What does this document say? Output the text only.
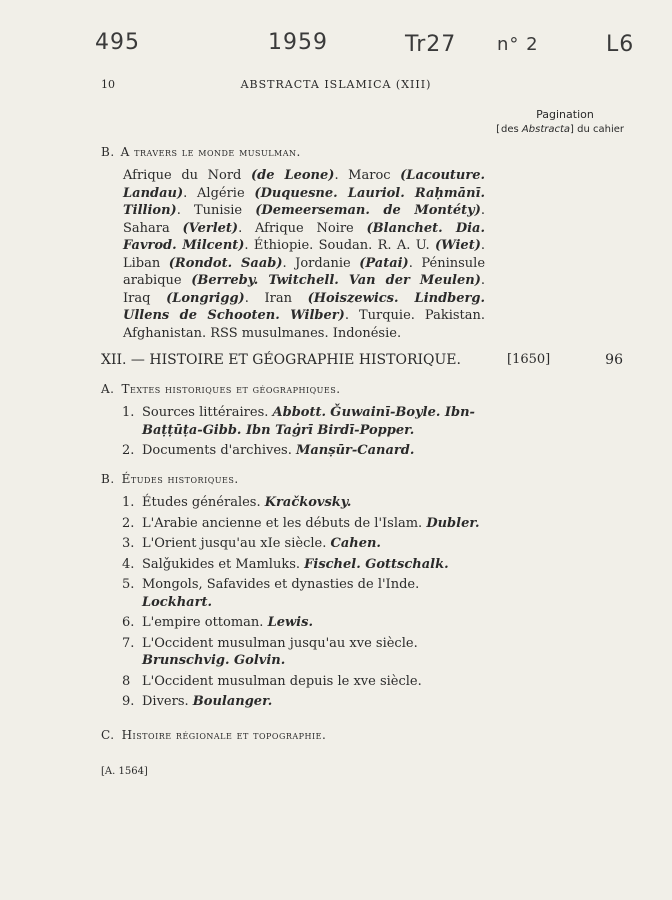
495	1959	Tr27 n° 2	L6
10	ABSTRACTA ISLAMICA (XIII)
Pagination
[des Abstracta] du cahier
B. A travers le monde musulman.
Afrique du Nord (de Leone). Maroc (Lacouture. Landau). Algérie (Duquesne. Lauriol. Raḥmānī. Tillion). Tunisie (Demeerseman. de Montéty). Sahara (Verlet). Afrique Noire (Blanchet. Dia. Favrod. Milcent). Éthiopie. Soudan. R. A. U. (Wiet). Liban (Rondot. Saab). Jordanie (Patai). Péninsule arabique (Berreby. Twitchell. Van der Meulen). Iraq (Longrigg). Iran (Hoiszewics. Lindberg. Ullens de Schooten. Wilber). Turquie. Pakistan. Afghanistan. RSS musulmanes. Indonésie.
XII. — HISTOIRE ET GÉOGRAPHIE HISTORIQUE.	[1650]	96
A. Textes historiques et géographiques.
1. Sources littéraires. Abbott. Ǧuwainī-Boyle. Ibn-Baṭṭūṭa-Gibb. Ibn Taġrī Birdī-Popper.
2. Documents d'archives. Manṣūr-Canard.
B. Études historiques.
1. Études générales. Kračkovsky.
2. L'Arabie ancienne et les débuts de l'Islam. Dubler.
3. L'Orient jusqu'au xIe siècle. Cahen.
4. Salǧukides et Mamluks. Fischel. Gottschalk.
5. Mongols, Safavides et dynasties de l'Inde. Lockhart.
6. L'empire ottoman. Lewis.
7. L'Occident musulman jusqu'au xve siècle. Brunschvig. Golvin.
8 L'Occident musulman depuis le xve siècle.
9. Divers. Boulanger.
C. Histoire régionale et topographie.
[A. 1564]
